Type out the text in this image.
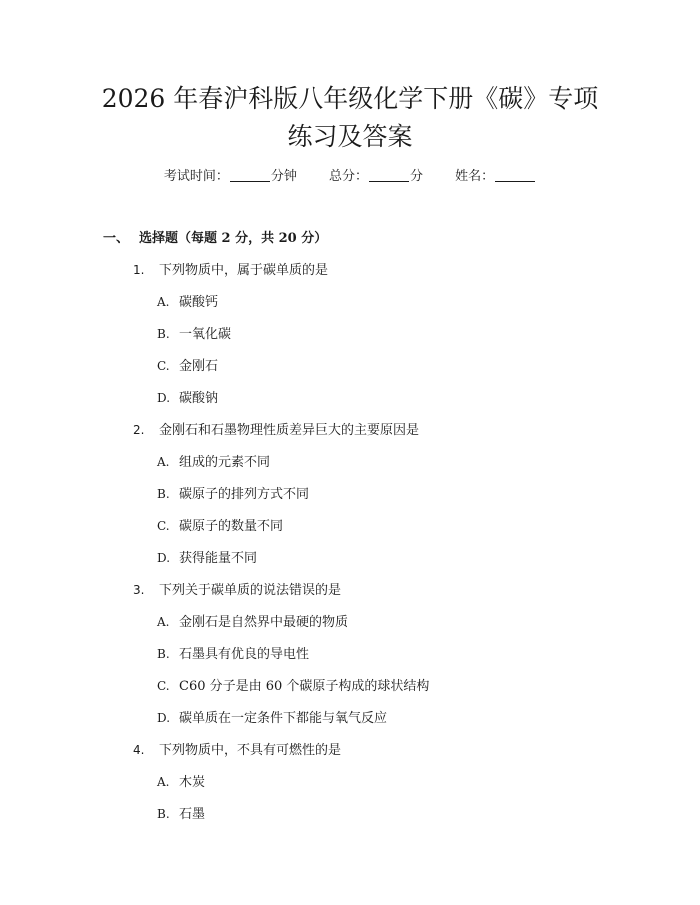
2026 年春沪科版八年级化学下册《碳》专项
练习及答案
考试时间：	分钟 总分：	分 姓名：
一、 选择题（每题 2 分，共 20 分）
1. 下列物质中，属于碳单质的是
A. 碳酸钙
B. 一氧化碳
C. 金刚石
D. 碳酸钠
2. 金刚石和石墨物理性质差异巨大的主要原因是
A. 组成的元素不同
B. 碳原子的排列方式不同
C. 碳原子的数量不同
D. 获得能量不同
3. 下列关于碳单质的说法错误的是
A. 金刚石是自然界中最硬的物质
B. 石墨具有优良的导电性
C. C60 分子是由 60 个碳原子构成的球状结构
D. 碳单质在一定条件下都能与氧气反应
4. 下列物质中，不具有可燃性的是
A. 木炭
B. 石墨
